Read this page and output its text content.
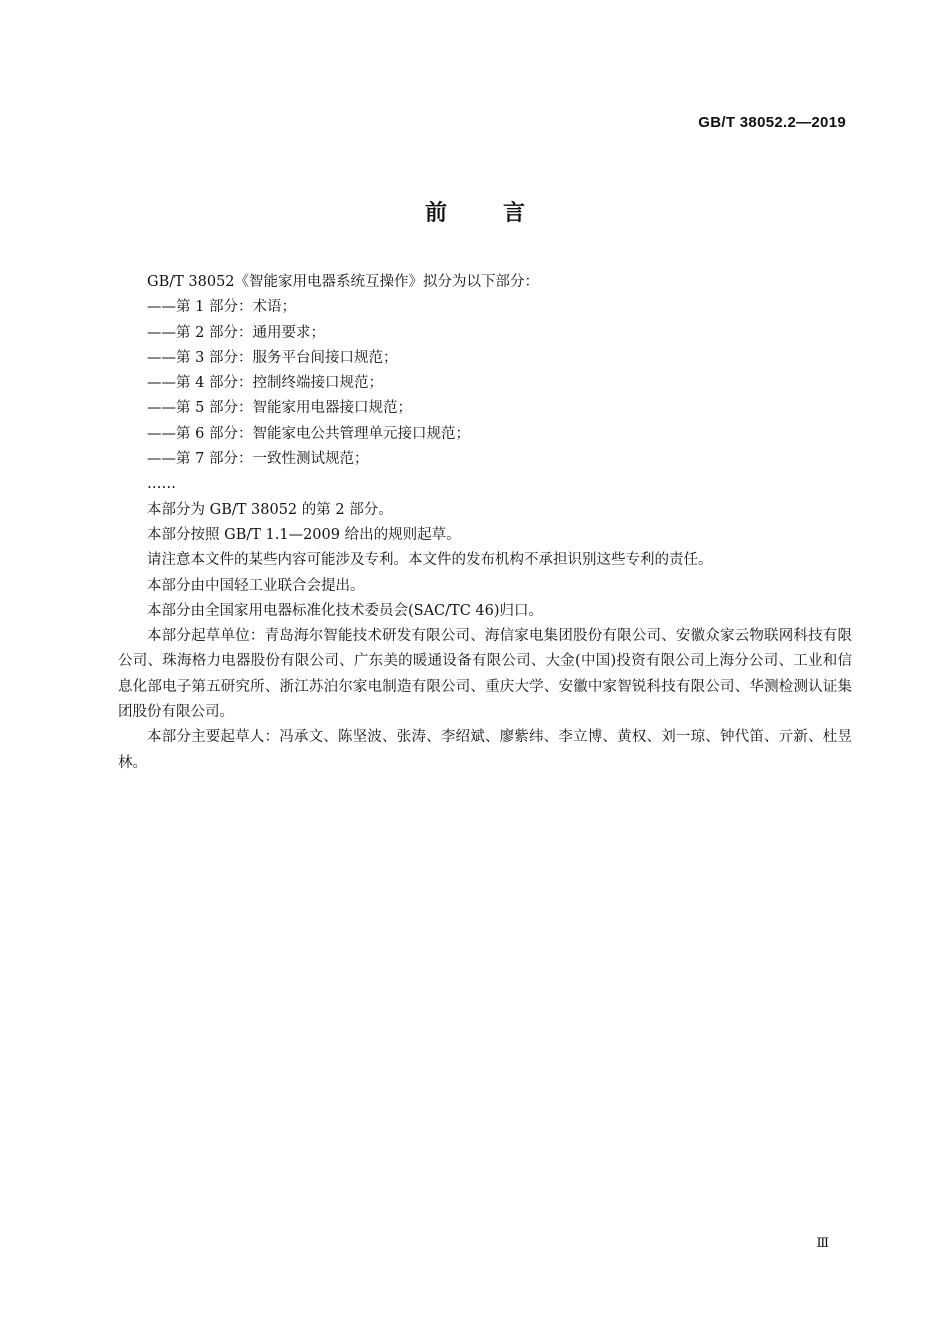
GB/T 38052.2—2019
前	言
GB/T 38052《智能家用电器系统互操作》拟分为以下部分：
——第 1 部分：术语；
——第 2 部分：通用要求；
——第 3 部分：服务平台间接口规范；
——第 4 部分：控制终端接口规范；
——第 5 部分：智能家用电器接口规范；
——第 6 部分：智能家电公共管理单元接口规范；
——第 7 部分：一致性测试规范；
……
本部分为 GB/T 38052 的第 2 部分。
本部分按照 GB/T 1.1—2009 给出的规则起草。
请注意本文件的某些内容可能涉及专利。本文件的发布机构不承担识别这些专利的责任。
本部分由中国轻工业联合会提出。
本部分由全国家用电器标准化技术委员会(SAC/TC 46)归口。
本部分起草单位：青岛海尔智能技术研发有限公司、海信家电集团股份有限公司、安徽众家云物联网科技有限公司、珠海格力电器股份有限公司、广东美的暖通设备有限公司、大金(中国)投资有限公司上海分公司、工业和信息化部电子第五研究所、浙江苏泊尔家电制造有限公司、重庆大学、安徽中家智锐科技有限公司、华测检测认证集团股份有限公司。
本部分主要起草人：冯承文、陈坚波、张涛、李绍斌、廖紫纬、李立博、黄权、刘一琼、钟代笛、亓新、杜昱林。
Ⅲ
